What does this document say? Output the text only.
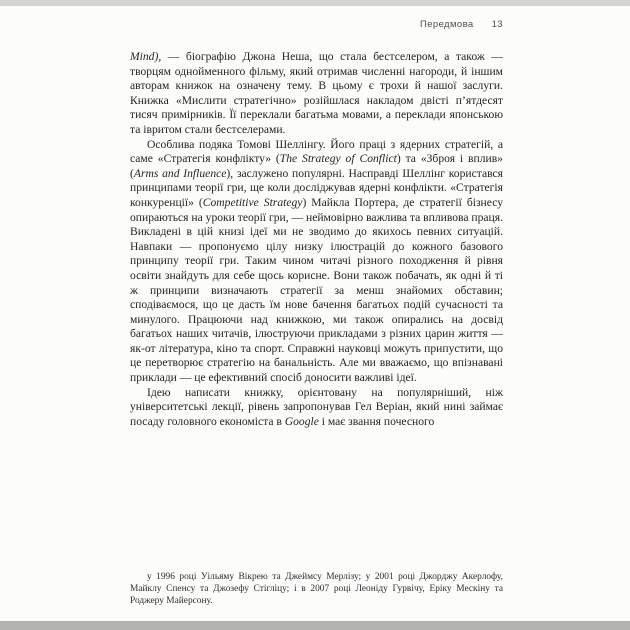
Передмова 13

Mind), — біографію Джона Неша, що стала бестселером, а також — творцям однойменного фільму, який отримав численні нагороди, й іншим авторам книжок на означену тему. В цьому є трохи й нашої заслуги. Книжка «Мислити стратегічно» розійшлася накладом двісті п’ятдесят тисяч примірників. Її переклали багатьма мовами, а переклади японською та івритом стали бестселерами.

Особлива подяка Томові Шеллінгу. Його праці з ядерних стратегій, а саме «Стратегія конфлікту» (The Strategy of Conflict) та «Зброя і вплив» (Arms and Influence), заслужено популярні. Насправді Шеллінг користався принципами теорії гри, ще коли досліджував ядерні конфлікти. «Стратегія конкуренції» (Competitive Strategy) Майкла Портера, де стратегії бізнесу опираються на уроки теорії гри, — неймовірно важлива та впливова праця. Викладені в цій книзі ідеї ми не зводимо до якихось певних ситуацій. Навпаки — пропонуємо цілу низку ілюстрацій до кожного базового принципу теорії гри. Таким чином читачі різного походження й рівня освіти знайдуть для себе щось корисне. Вони також побачать, як одні й ті ж принципи визначають стратегії за менш знайомих обставин; сподіваємося, що це дасть їм нове бачення багатьох подій сучасності та минулого. Працюючи над книжкою, ми також опирались на досвід багатьох наших читачів, ілюструючи прикладами з різних царин життя — як-от література, кіно та спорт. Справжні науковці можуть припустити, що це перетворює стратегію на банальність. Але ми вважаємо, що впізнавані приклади — це ефективний спосіб доносити важливі ідеї.

Ідею написати книжку, орієнтовану на популярніший, ніж університетські лекції, рівень запропонував Гел Веріан, який нині займає посаду головного економіста в Google і має звання почесного

у 1996 році Уільяму Вікрею та Джеймсу Мерлізу; у 2001 році Джорджу Акерлофу, Майклу Спенсу та Джозефу Стігліцу; і в 2007 році Леоніду Гурвічу, Еріку Мескіну та Роджеру Майерсону.
